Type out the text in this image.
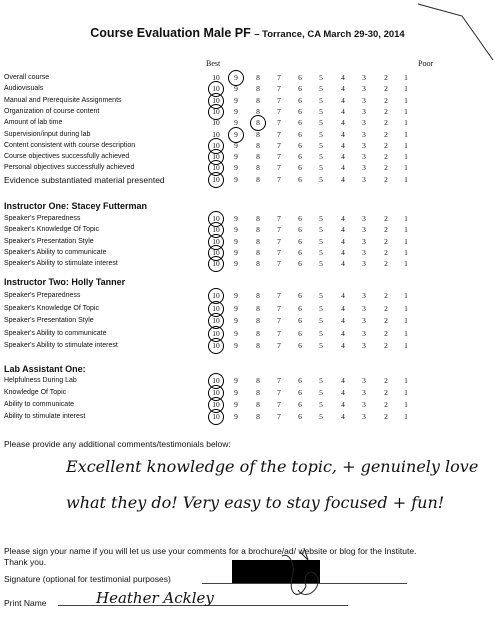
Course Evaluation Male PF – Torrance, CA March 29-30, 2014
Best	Poor
Overall course	10	9	8	7	6	5	4	3	2	1
Audiovisuals	10	9	8	7	6	5	4	3	2	1
Manual and Prerequisite Assignments	10	9	8	7	6	5	4	3	2	1
Organization of course content	10	9	8	7	6	5	4	3	2	1
Amount of lab time	10	9	8	7	6	5	4	3	2	1
Supervision/input during lab	10	9	8	7	6	5	4	3	2	1
Content consistent with course description	10	9	8	7	6	5	4	3	2	1
Course objectives successfully achieved	10	9	8	7	6	5	4	3	2	1
Personal objectives successfully achieved	10	9	8	7	6	5	4	3	2	1
Evidence substantiated material presented	10	9	8	7	6	5	4	3	2	1
Instructor One: Stacey Futterman
Speaker's Preparedness	10	9	8	7	6	5	4	3	2	1
Speaker's Knowledge Of Topic	10	9	8	7	6	5	4	3	2	1
Speaker's Presentation Style	10	9	8	7	6	5	4	3	2	1
Speaker's Ability to communicate	10	9	8	7	6	5	4	3	2	1
Speaker's Ability to stimulate interest	10	9	8	7	6	5	4	3	2	1
Instructor Two: Holly Tanner
Speaker's Preparedness	10	9	8	7	6	5	4	3	2	1
Speaker's Knowledge Of Topic	10	9	8	7	6	5	4	3	2	1
Speaker's Presentation Style	10	9	8	7	6	5	4	3	2	1
Speaker's Ability to communicate	10	9	8	7	6	5	4	3	2	1
Speaker's Ability to stimulate interest	10	9	8	7	6	5	4	3	2	1
Lab Assistant One:
Helpfulness During Lab	10	9	8	7	6	5	4	3	2	1
Knowledge Of Topic	10	9	8	7	6	5	4	3	2	1
Ability to communicate	10	9	8	7	6	5	4	3	2	1
Ability to stimulate interest	10	9	8	7	6	5	4	3	2	1
Please provide any additional comments/testimonials below:
Excellent knowledge of the topic, + genuinely love
what they do! Very easy to stay focused + fun!
Please sign your name if you will let us use your comments for a brochure/ad/ website or blog for the Institute.
Thank you.
Signature (optional for testimonial purposes)
Print Name	Heather Ackley
